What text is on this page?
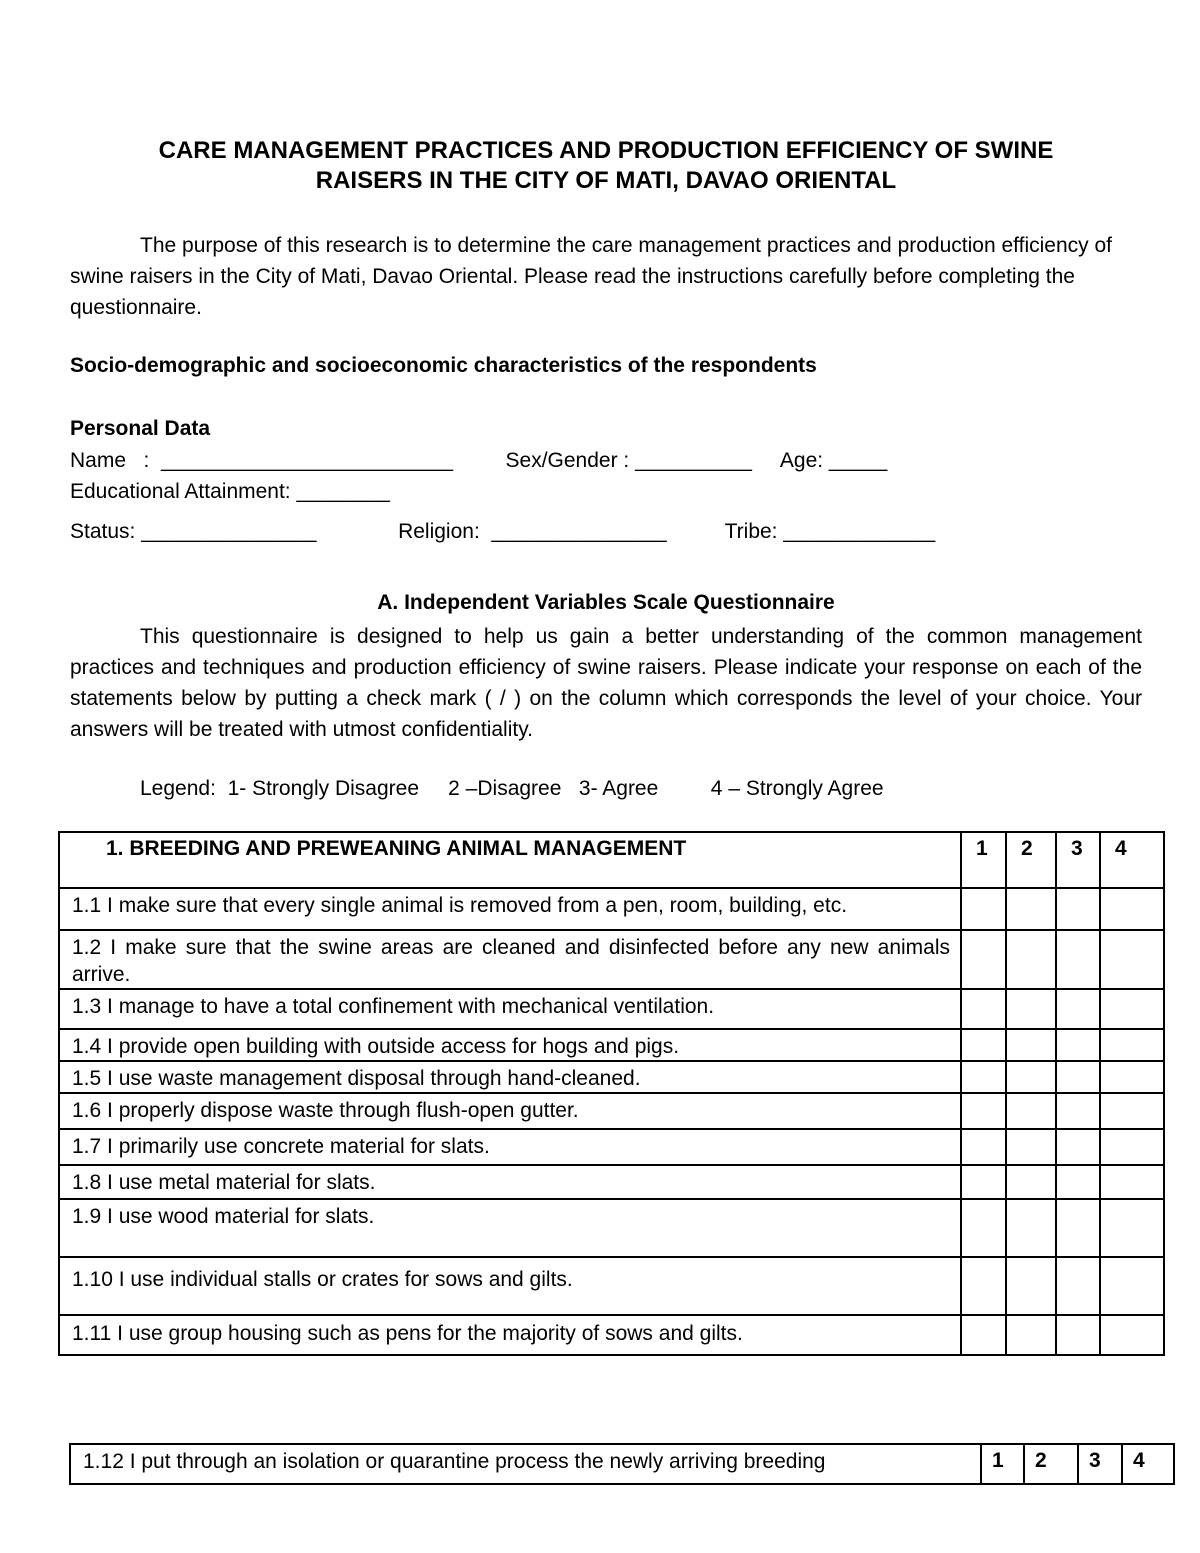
CARE MANAGEMENT PRACTICES AND PRODUCTION EFFICIENCY OF SWINE
RAISERS IN THE CITY OF MATI, DAVAO ORIENTAL
The purpose of this research is to determine the care management practices and production efficiency of swine raisers in the City of Mati, Davao Oriental. Please read the instructions carefully before completing the questionnaire.
Socio-demographic and socioeconomic characteristics of the respondents
Personal Data
Name   :  _________________________         Sex/Gender : __________     Age: _____
Educational Attainment: ________
Status: _______________              Religion:  _______________          Tribe: _____________
A. Independent Variables Scale Questionnaire
This questionnaire is designed to help us gain a better understanding of the common management practices and techniques and production efficiency of swine raisers. Please indicate your response on each of the statements below by putting a check mark ( / ) on the column which corresponds the level of your choice. Your answers will be treated with utmost confidentiality.
Legend:  1- Strongly Disagree     2 –Disagree   3- Agree         4 – Strongly Agree
1. BREEDING AND PREWEANING ANIMAL MANAGEMENT	1	2	3	4
1.1 I make sure that every single animal is removed from a pen, room, building, etc.				
1.2 I make sure that the swine areas are cleaned and disinfected before any new animals arrive.				
1.3 I manage to have a total confinement with mechanical ventilation.				
1.4 I provide open building with outside access for hogs and pigs.				
1.5 I use waste management disposal through hand-cleaned.				
1.6 I properly dispose waste through flush-open gutter.				
1.7 I primarily use concrete material for slats.				
1.8 I use metal material for slats.				
1.9 I use wood material for slats.				
1.10 I use individual stalls or crates for sows and gilts.				
1.11 I use group housing such as pens for the majority of sows and gilts.				
1.12 I put through an isolation or quarantine process the newly arriving breeding	1	2	3	4
